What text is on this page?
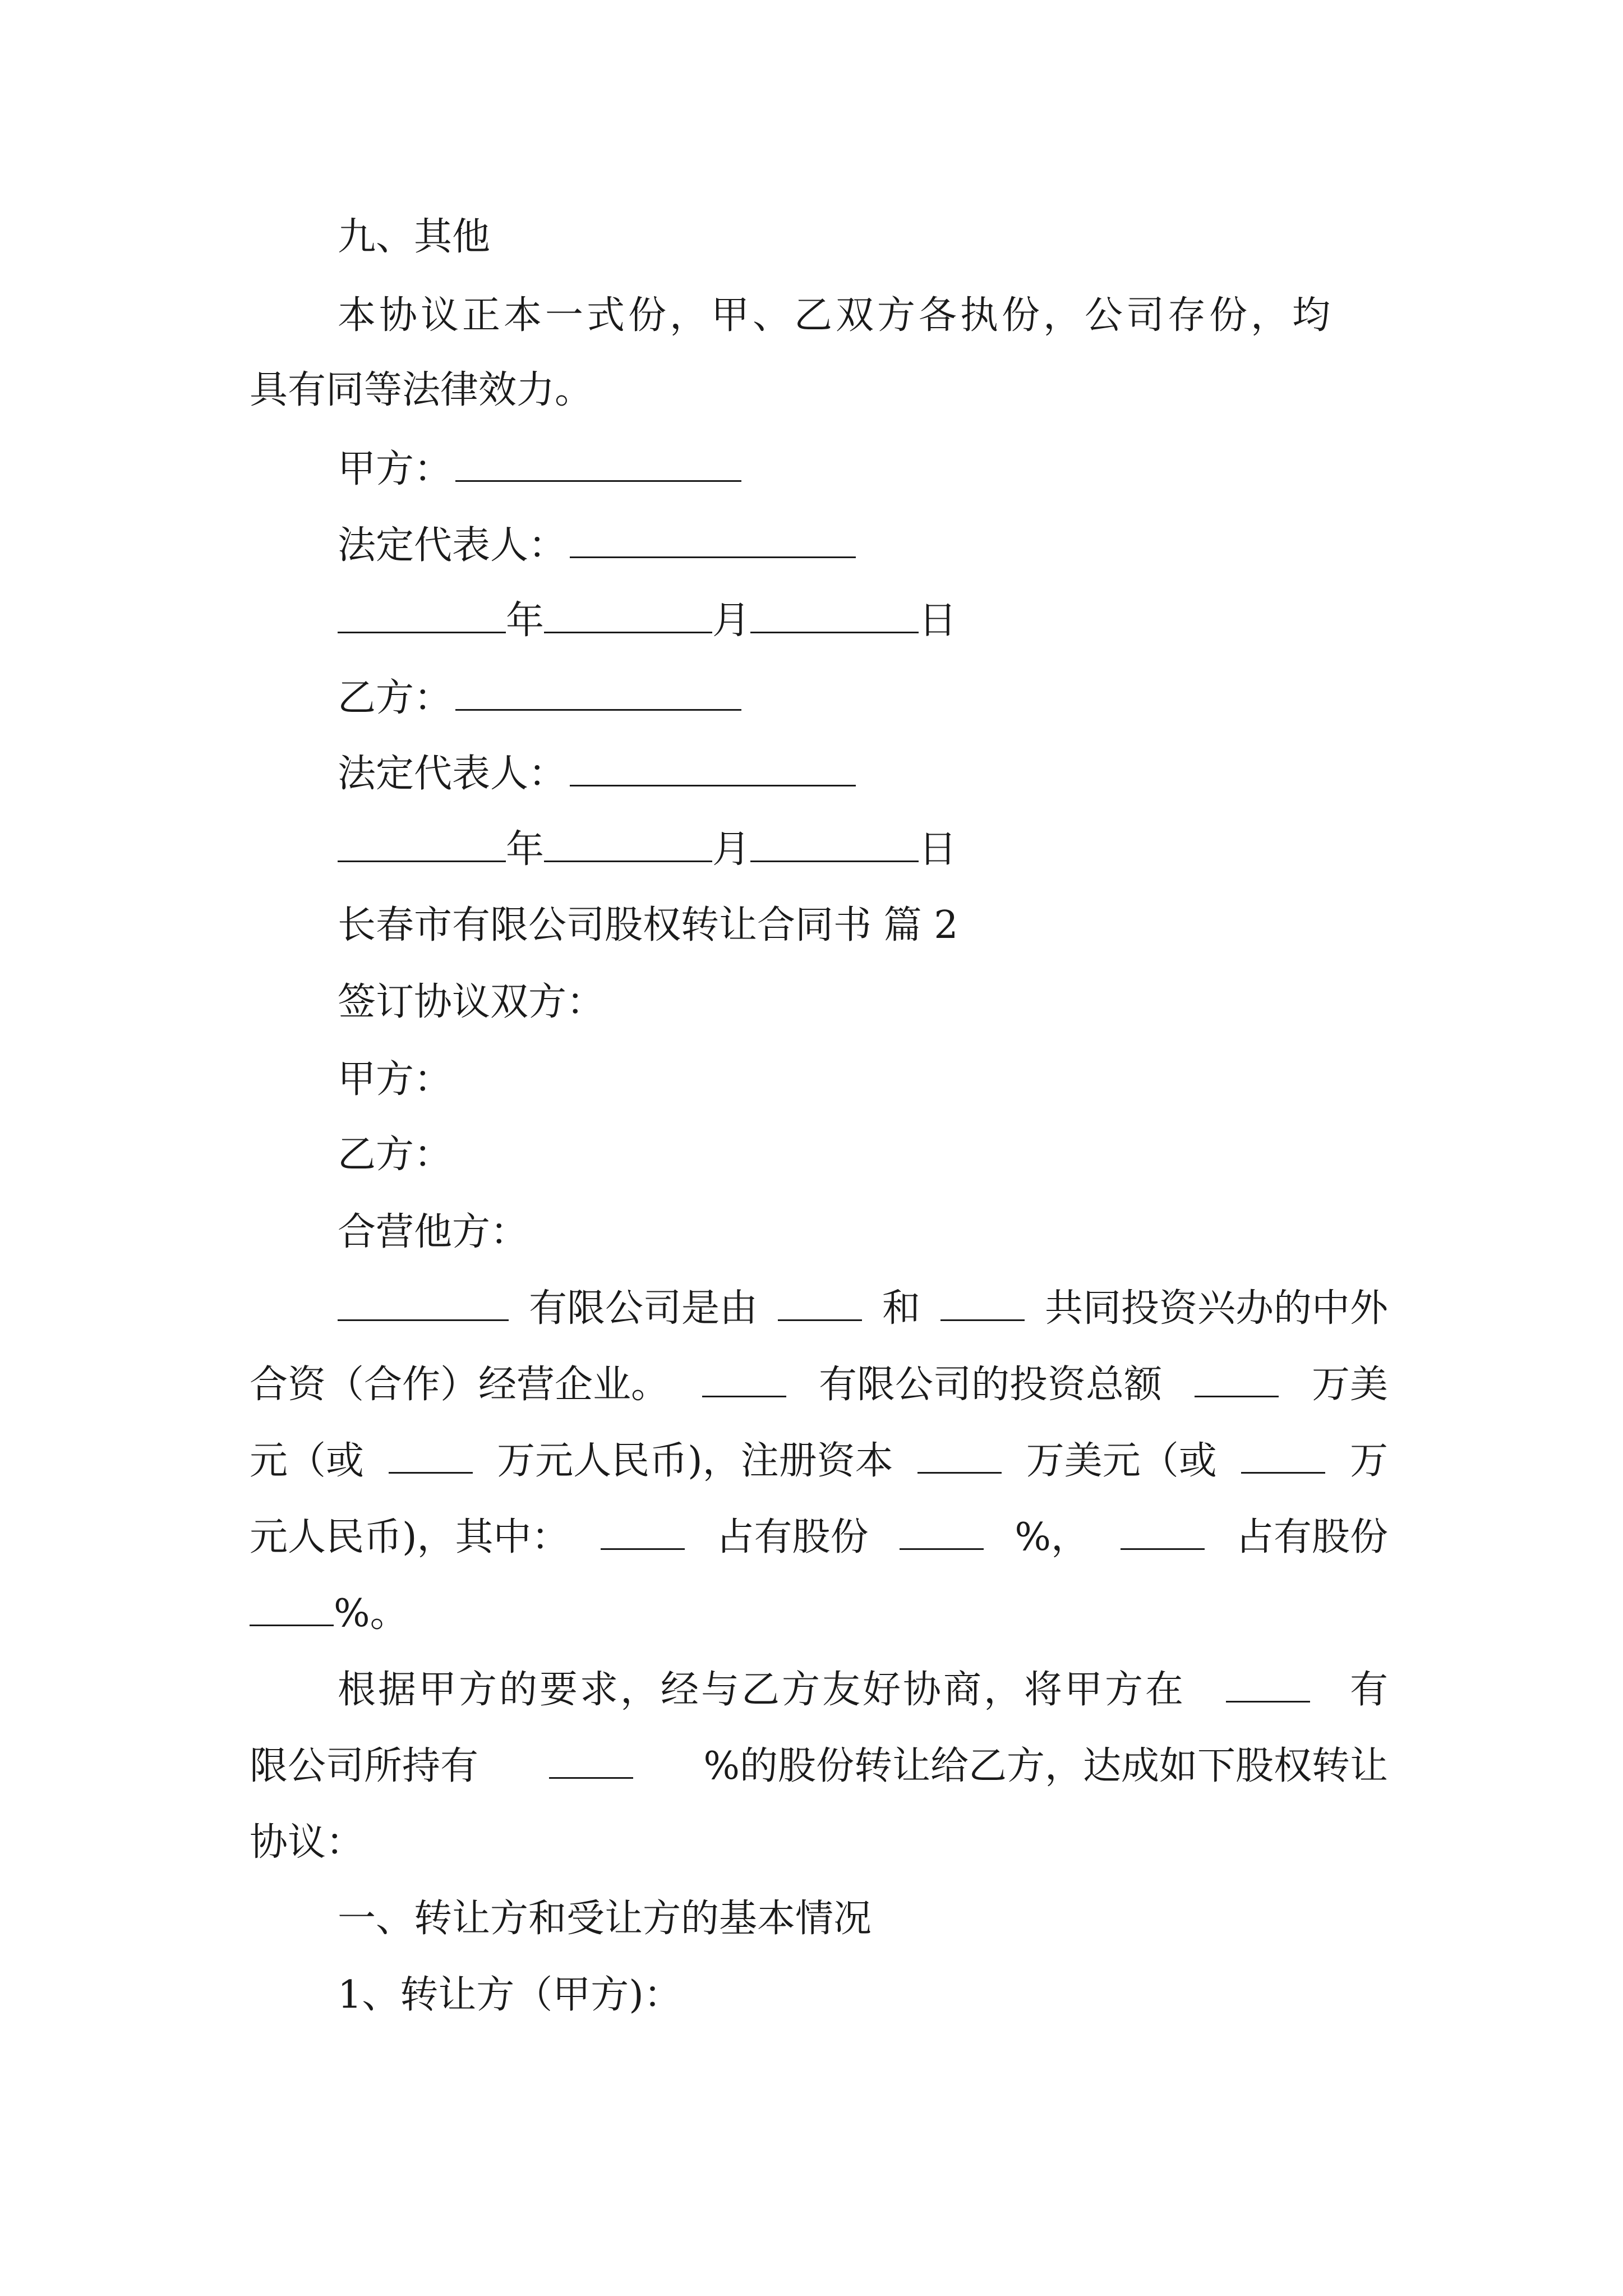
九、其他
本协议正本一式份，甲、乙双方各执份，公司存份，均
具有同等法律效力。
甲方：
法定代表人：
年	月	日
乙方：
法定代表人：
年	月	日
长春市有限公司股权转让合同书 篇 2
签订协议双方：
甲方：
乙方：
合营他方：
有限公司是由	和	共同投资兴办的中外
合资（合作）经营企业。	有限公司的投资总额	万美
元（或	万元人民币)，注册资本	万美元（或	万
元人民币)，其中：	占有股份	%，	占有股份
%。
根据甲方的要求，经与乙方友好协商，将甲方在	有
限公司所持有	%的股份转让给乙方，达成如下股权转让
协议：
一、转让方和受让方的基本情况
1、转让方（甲方)：
